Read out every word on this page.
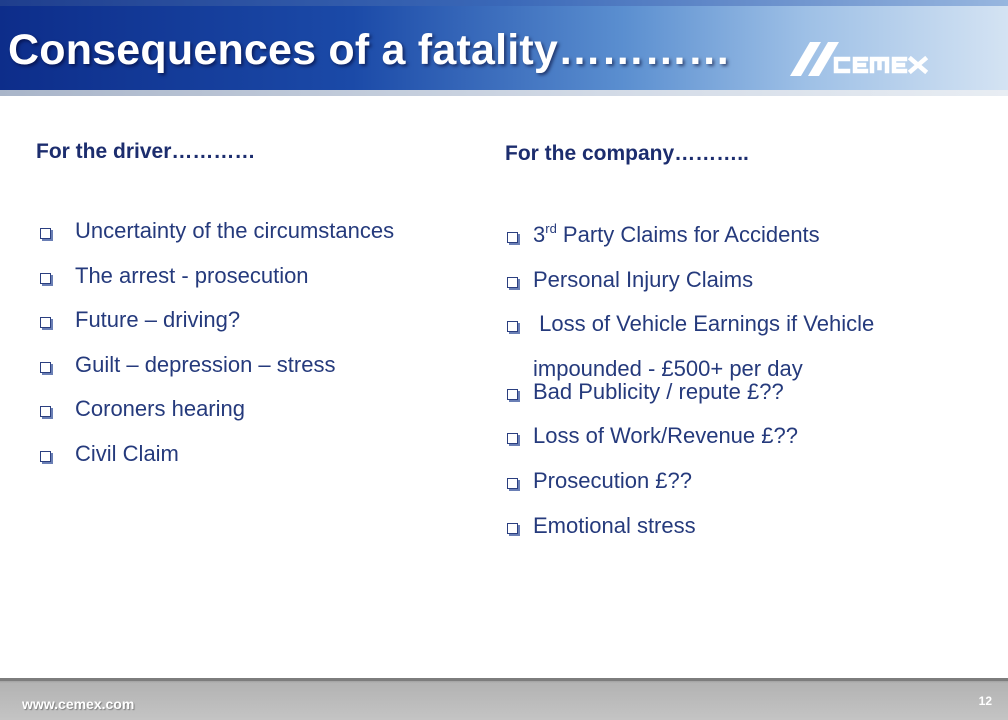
Consequences of a fatality…………

For the driver…………

Uncertainty of the circumstances
The arrest - prosecution
Future – driving?
Guilt – depression – stress
Coroners hearing
Civil Claim

For the company………..

3rd Party Claims for Accidents
Personal Injury Claims
Loss of Vehicle Earnings if Vehicle impounded - £500+ per day
Bad Publicity / repute £??
Loss of Work/Revenue £??
Prosecution £??
Emotional stress
www.cemex.com	12
